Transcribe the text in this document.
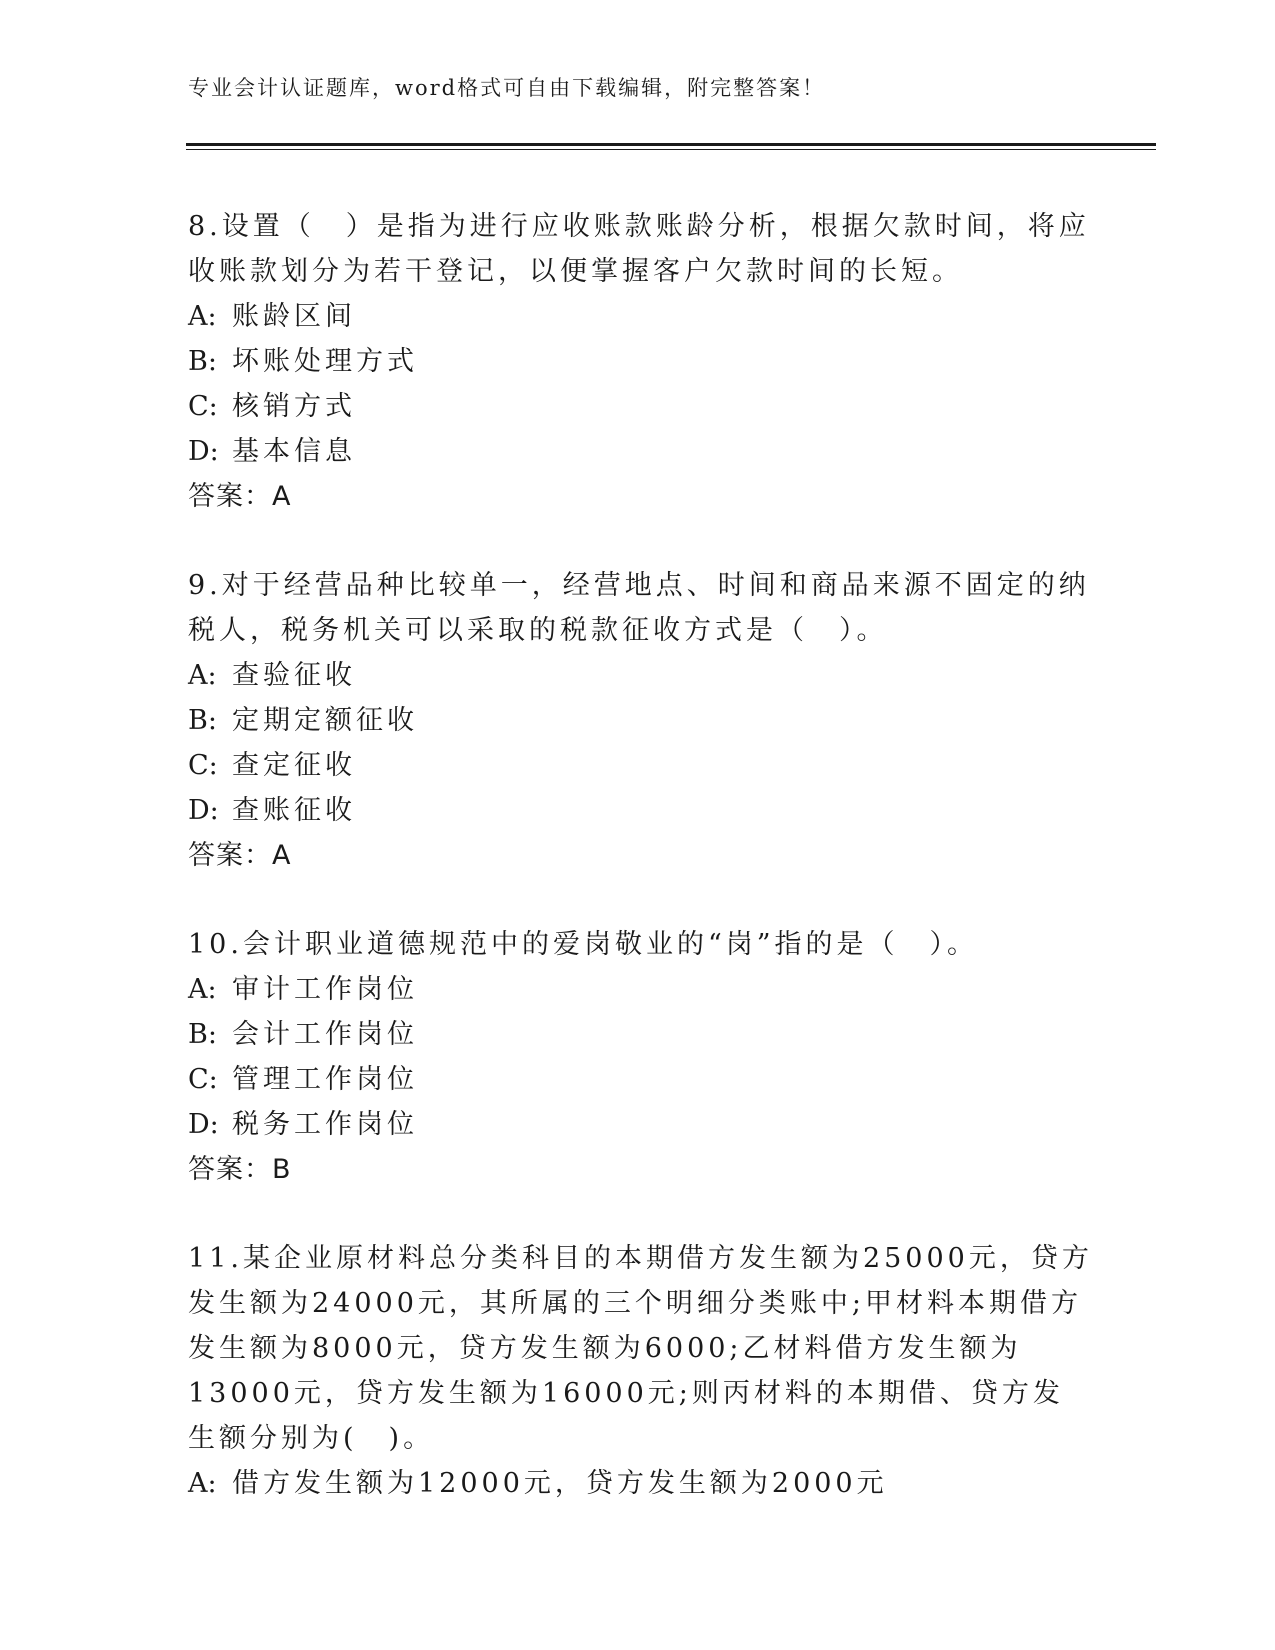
专业会计认证题库，word格式可自由下载编辑，附完整答案！

8.设置（　）是指为进行应收账款账龄分析，根据欠款时间，将应收账款划分为若干登记，以便掌握客户欠款时间的长短。

A: 账龄区间

B: 坏账处理方式

C: 核销方式

D: 基本信息

答案：A

9.对于经营品种比较单一，经营地点、时间和商品来源不固定的纳税人，税务机关可以采取的税款征收方式是（　）。

A: 查验征收

B: 定期定额征收

C: 查定征收

D: 查账征收

答案：A

10.会计职业道德规范中的爱岗敬业的“岗”指的是（　）。

A: 审计工作岗位

B: 会计工作岗位

C: 管理工作岗位

D: 税务工作岗位

答案：B

11.某企业原材料总分类科目的本期借方发生额为25000元，贷方发生额为24000元，其所属的三个明细分类账中;甲材料本期借方发生额为8000元，贷方发生额为6000;乙材料借方发生额为13000元，贷方发生额为16000元;则丙材料的本期借、贷方发生额分别为(　)。

A: 借方发生额为12000元，贷方发生额为2000元
